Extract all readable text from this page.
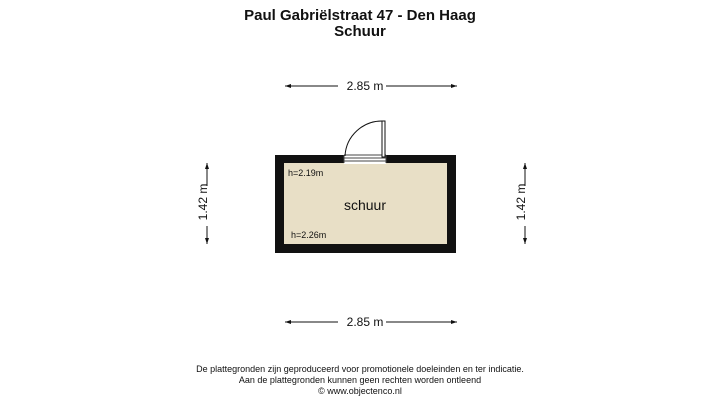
Paul Gabriëlstraat 47 - Den Haag
Schuur
2.85 m
2.85 m
1.42 m	1.42 m
h=2.19m
schuur
h=2.26m
De plattegronden zijn geproduceerd voor promotionele doeleinden en ter indicatie.
Aan de plattegronden kunnen geen rechten worden ontleend
© www.objectenco.nl
